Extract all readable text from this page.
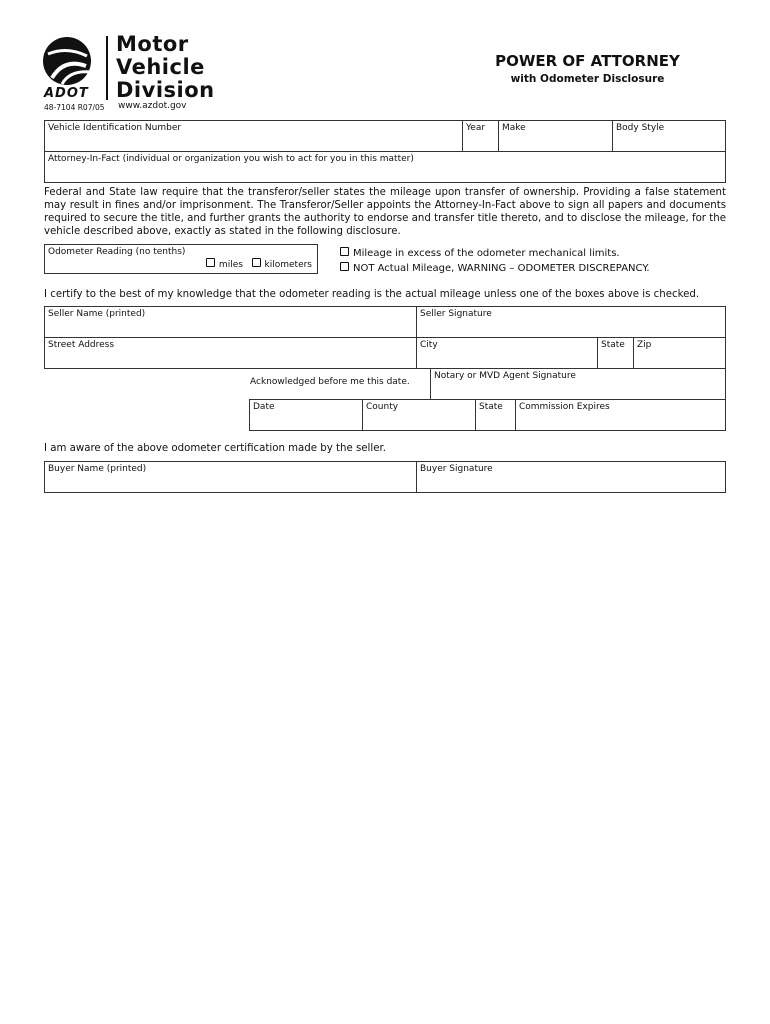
ADOT
Motor
Vehicle
Division
48-7104 R07/05 www.azdot.gov
POWER OF ATTORNEY
with Odometer Disclosure
Vehicle Identification Number	Year Make	Body Style
Attorney-In-Fact (individual or organization you wish to act for you in this matter)
Federal and State law require that the transferor/seller states the mileage upon transfer of ownership. Providing a false statement may result in fines and/or imprisonment. The Transferor/Seller appoints the Attorney-In-Fact above to sign all papers and documents required to secure the title, and further grants the authority to endorse and transfer title thereto, and to disclose the mileage, for the vehicle described above, exactly as stated in the following disclosure.
Odometer Reading (no tenths)
miles kilometers
Mileage in excess of the odometer mechanical limits.
NOT Actual Mileage, WARNING – ODOMETER DISCREPANCY.
I certify to the best of my knowledge that the odometer reading is the actual mileage unless one of the boxes above is checked.
Seller Name (printed)	Seller Signature
Street Address	City	State Zip
Acknowledged before me this date.
Notary or MVD Agent Signature
Date	County	State Commission Expires
I am aware of the above odometer certification made by the seller.
Buyer Name (printed)	Buyer Signature
